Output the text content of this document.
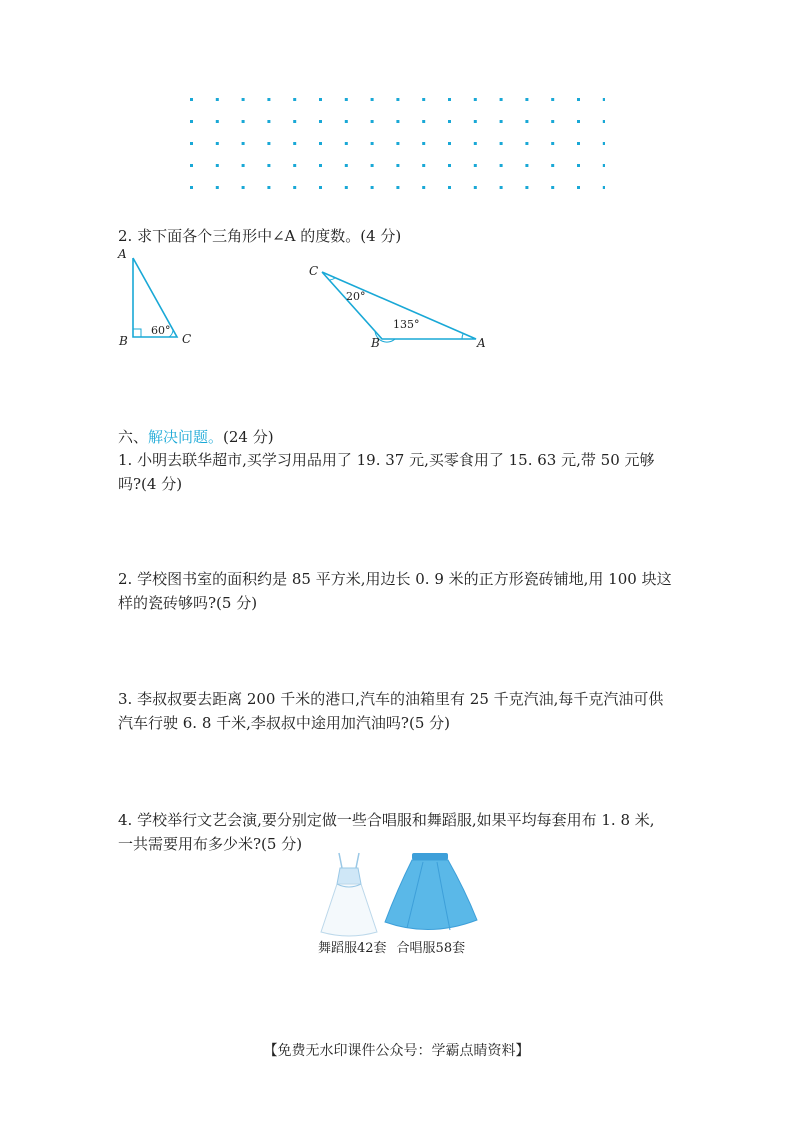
2. 求下面各个三角形中∠A 的度数。(4 分)
A
B	C
60°
C
B	A
20°
135°
六、解决问题。(24 分)
1. 小明去联华超市,买学习用品用了 19. 37 元,买零食用了 15. 63 元,带 50 元够
吗?(4 分)
2. 学校图书室的面积约是 85 平方米,用边长 0. 9 米的正方形瓷砖铺地,用 100 块这
样的瓷砖够吗?(5 分)
3. 李叔叔要去距离 200 千米的港口,汽车的油箱里有 25 千克汽油,每千克汽油可供
汽车行驶 6. 8 千米,李叔叔中途用加汽油吗?(5 分)
4. 学校举行文艺会演,要分别定做一些合唱服和舞蹈服,如果平均每套用布 1. 8 米,
一共需要用布多少米?(5 分)
舞蹈服42套 合唱服58套
【免费无水印课件公众号：学霸点睛资料】
